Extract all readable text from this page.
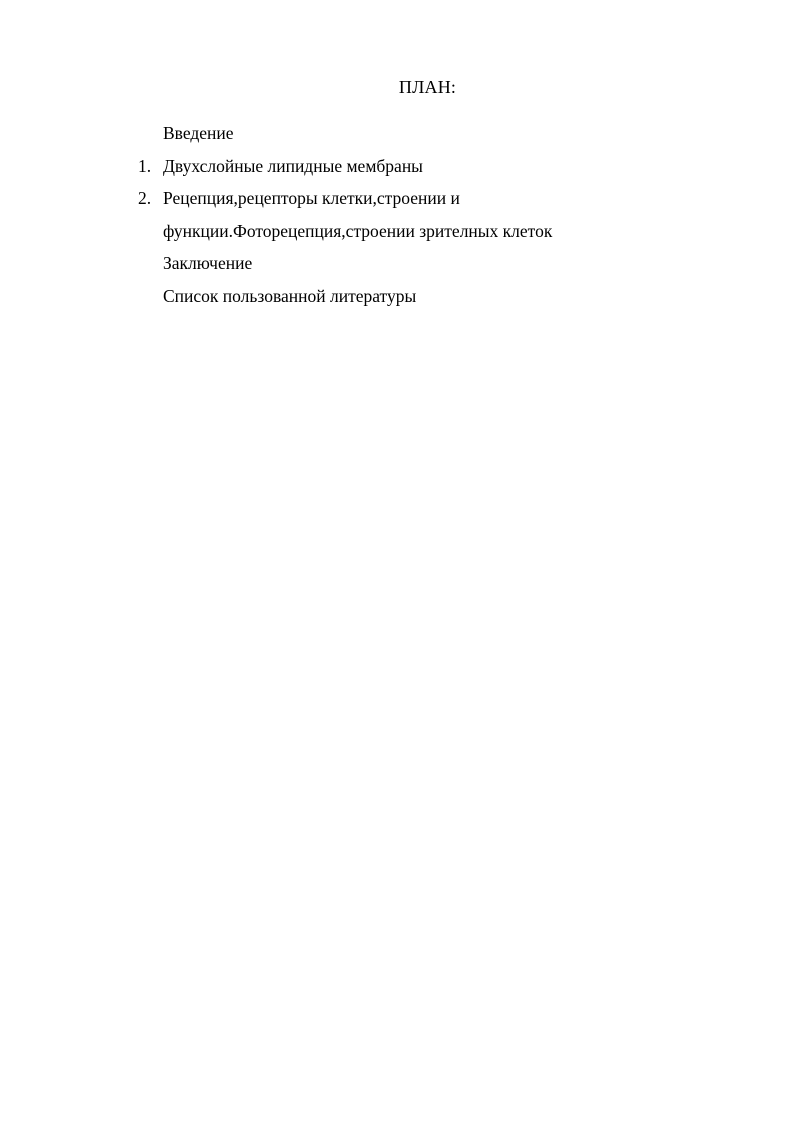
ПЛАН:
Введение
1. Двухслойные липидные мембраны
2. Рецепция,рецепторы клетки,строении и
функции.Фоторецепция,строении зрителных клеток
Заключение
Список пользованной литературы
